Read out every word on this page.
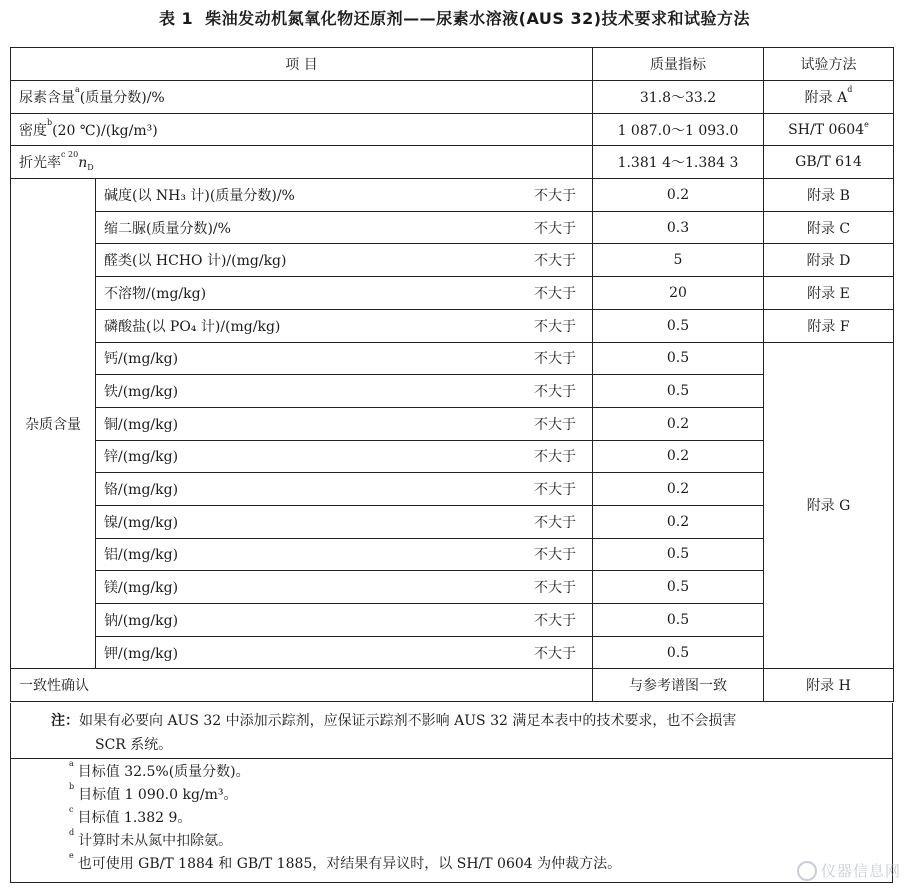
表 1 柴油发动机氮氧化物还原剂——尿素水溶液(AUS 32)技术要求和试验方法
项 目		质量指标	试验方法
尿素含量$^a$(质量分数)/%		31.8～33.2	附录 $A^d$
密度$^b$(20 ℃)/(kg/m³)		1 087.0～1 093.0	SH/T 0604e
折光率$^{c 20}$nD		1.381 4～1.384 3	GB/T 614
杂质含量	碱度(以 NH₃ 计)(质量分数)/% 不大于	0.2	附录 B

	缩二脲(质量分数)/% 不大于	0.3	附录 C

	醛类(以 HCHO 计)/(mg/kg) 不大于	5	附录 D

	不溶物/(mg/kg) 不大于	20	附录 E

	磷酸盐(以 PO₄ 计)/(mg/kg) 不大于	0.5	附录 F

	钙/(mg/kg) 不大于	0.5	附录 G

	铁/(mg/kg) 不大于	0.5	

	铜/(mg/kg) 不大于	0.2	

	锌/(mg/kg) 不大于	0.2	

	铬/(mg/kg) 不大于	0.2	

	镍/(mg/kg) 不大于	0.2	

	铝/(mg/kg) 不大于	0.5	

	镁/(mg/kg) 不大于	0.5	

	钠/(mg/kg) 不大于	0.5	

	钾/(mg/kg) 不大于	0.5	
一致性确认		与参考谱图一致	附录 H
注：如果有必要向 AUS 32 中添加示踪剂，应保证示踪剂不影响 AUS 32 满足本表中的技术要求，也不会损害
SCR 系统。
$^a$目标值 32.5%(质量分数)。
$^b$目标值 1 090.0 kg/m³。
$^c$目标值 1.382 9。
$^d$计算时未从氮中扣除氨。
$^e$也可使用 GB/T 1884 和 GB/T 1885，对结果有异议时，以 SH/T 0604 为仲裁方法。	仪器信息网
